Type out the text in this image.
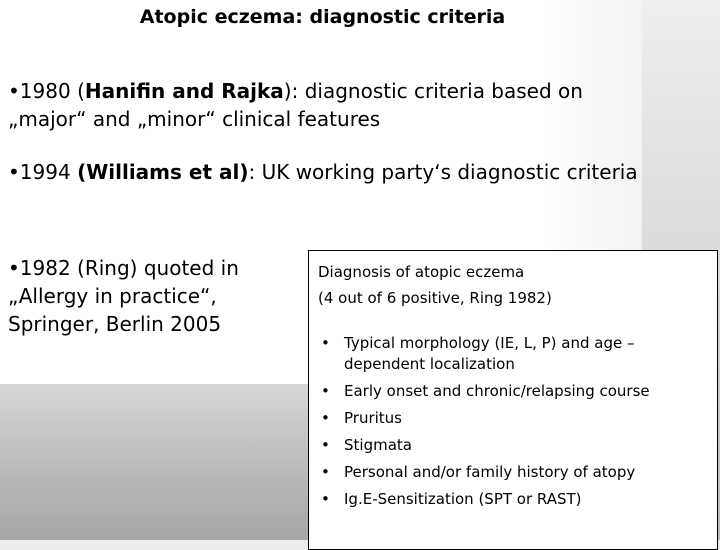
Atopic eczema: diagnostic criteria

•1980 (Hanifin and Rajka): diagnostic criteria based on
„major“ and „minor“ clinical features

•1994 (Williams et al): UK working party‘s diagnostic criteria

•1982 (Ring) quoted in
„Allergy in practice“,
Springer, Berlin 2005

Diagnosis of atopic eczema
(4 out of 6 positive, Ring 1982)
• Typical morphology (IE, L, P) and age – dependent localization
• Early onset and chronic/relapsing course
• Pruritus
• Stigmata
• Personal and/or family history of atopy
• Ig.E-Sensitization (SPT or RAST)
